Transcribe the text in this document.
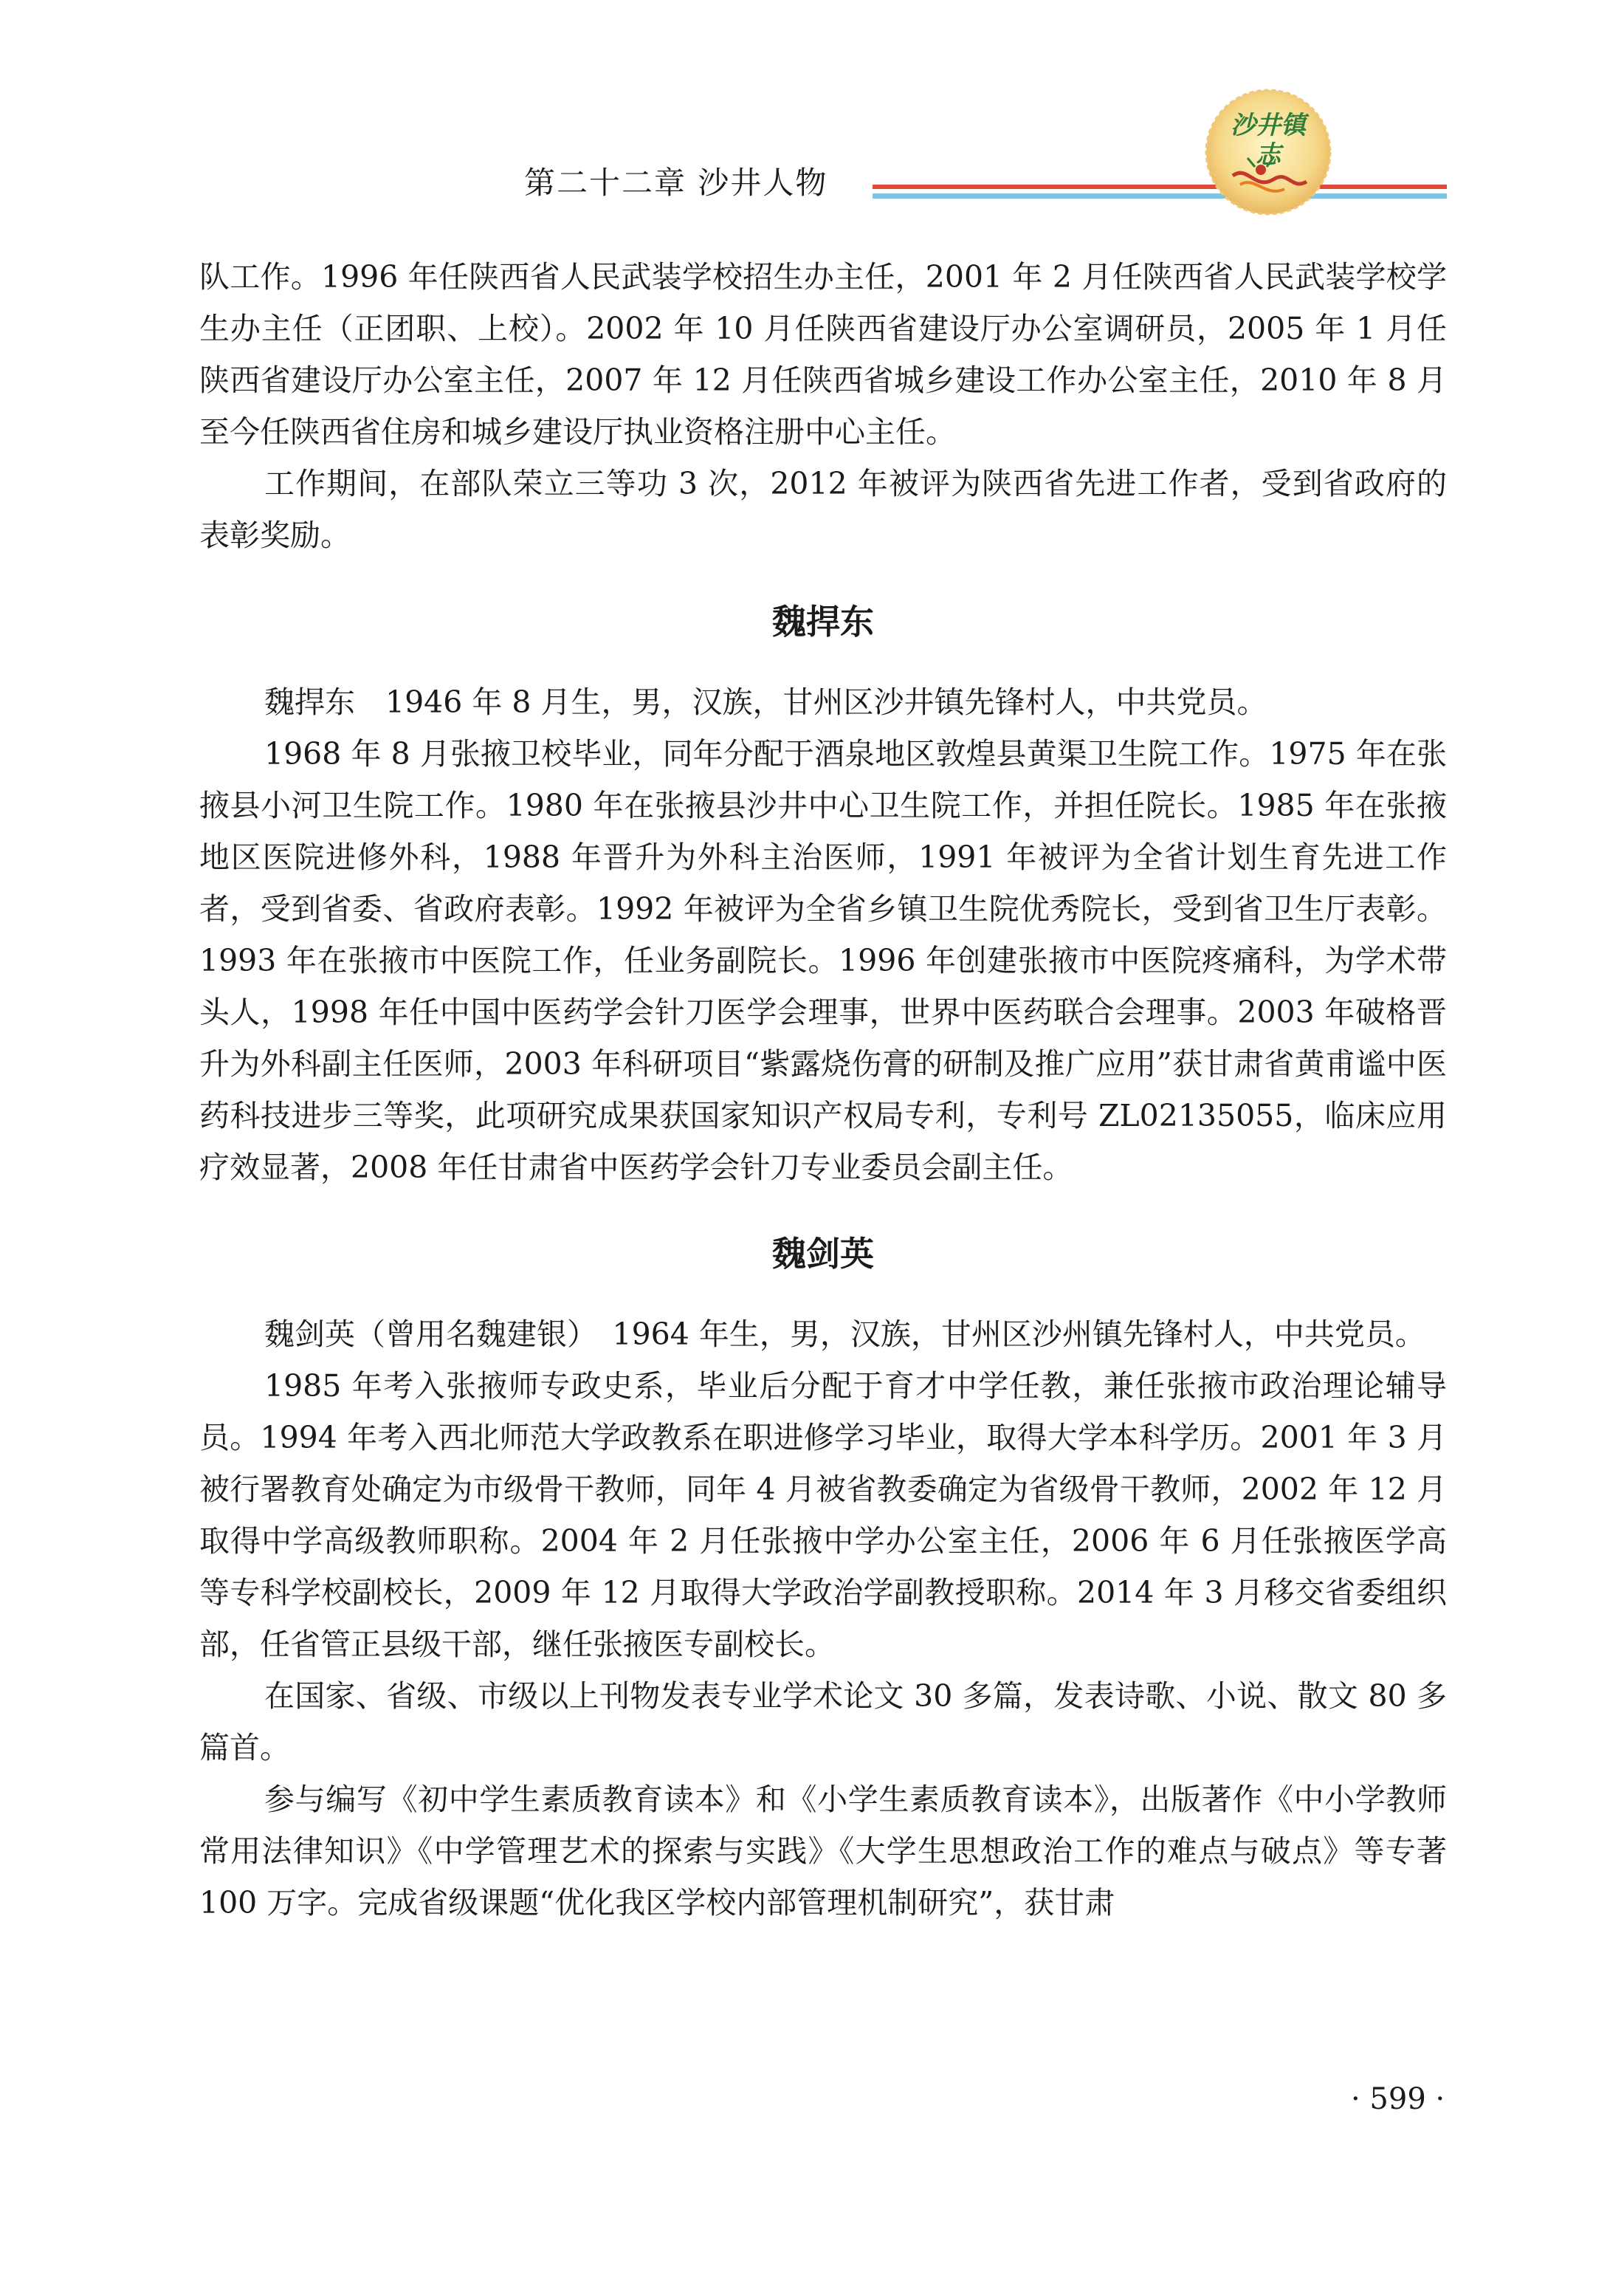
第二十二章 沙井人物
沙井镇志

队工作。1996 年任陕西省人民武装学校招生办主任，2001 年 2 月任陕西省人民武装学校学生办主任（正团职、上校）。2002 年 10 月任陕西省建设厅办公室调研员，2005 年 1 月任陕西省建设厅办公室主任，2007 年 12 月任陕西省城乡建设工作办公室主任，2010 年 8 月至今任陕西省住房和城乡建设厅执业资格注册中心主任。

工作期间，在部队荣立三等功 3 次，2012 年被评为陕西省先进工作者，受到省政府的表彰奖励。

魏捍东

魏捍东　1946 年 8 月生，男，汉族，甘州区沙井镇先锋村人，中共党员。

1968 年 8 月张掖卫校毕业，同年分配于酒泉地区敦煌县黄渠卫生院工作。1975 年在张掖县小河卫生院工作。1980 年在张掖县沙井中心卫生院工作，并担任院长。1985 年在张掖地区医院进修外科，1988 年晋升为外科主治医师，1991 年被评为全省计划生育先进工作者，受到省委、省政府表彰。1992 年被评为全省乡镇卫生院优秀院长，受到省卫生厅表彰。1993 年在张掖市中医院工作，任业务副院长。1996 年创建张掖市中医院疼痛科，为学术带头人，1998 年任中国中医药学会针刀医学会理事，世界中医药联合会理事。2003 年破格晋升为外科副主任医师，2003 年科研项目“紫露烧伤膏的研制及推广应用”获甘肃省黄甫谧中医药科技进步三等奖，此项研究成果获国家知识产权局专利，专利号 ZL02135055，临床应用疗效显著，2008 年任甘肃省中医药学会针刀专业委员会副主任。

魏剑英

魏剑英（曾用名魏建银）　1964 年生，男，汉族，甘州区沙州镇先锋村人，中共党员。

1985 年考入张掖师专政史系，毕业后分配于育才中学任教，兼任张掖市政治理论辅导员。1994 年考入西北师范大学政教系在职进修学习毕业，取得大学本科学历。2001 年 3 月被行署教育处确定为市级骨干教师，同年 4 月被省教委确定为省级骨干教师，2002 年 12 月取得中学高级教师职称。2004 年 2 月任张掖中学办公室主任，2006 年 6 月任张掖医学高等专科学校副校长，2009 年 12 月取得大学政治学副教授职称。2014 年 3 月移交省委组织部，任省管正县级干部，继任张掖医专副校长。

在国家、省级、市级以上刊物发表专业学术论文 30 多篇，发表诗歌、小说、散文 80 多篇首。

参与编写《初中学生素质教育读本》和《小学生素质教育读本》，出版著作《中小学教师常用法律知识》《中学管理艺术的探索与实践》《大学生思想政治工作的难点与破点》等专著 100 万字。完成省级课题“优化我区学校内部管理机制研究”，获甘肃

· 599 ·
